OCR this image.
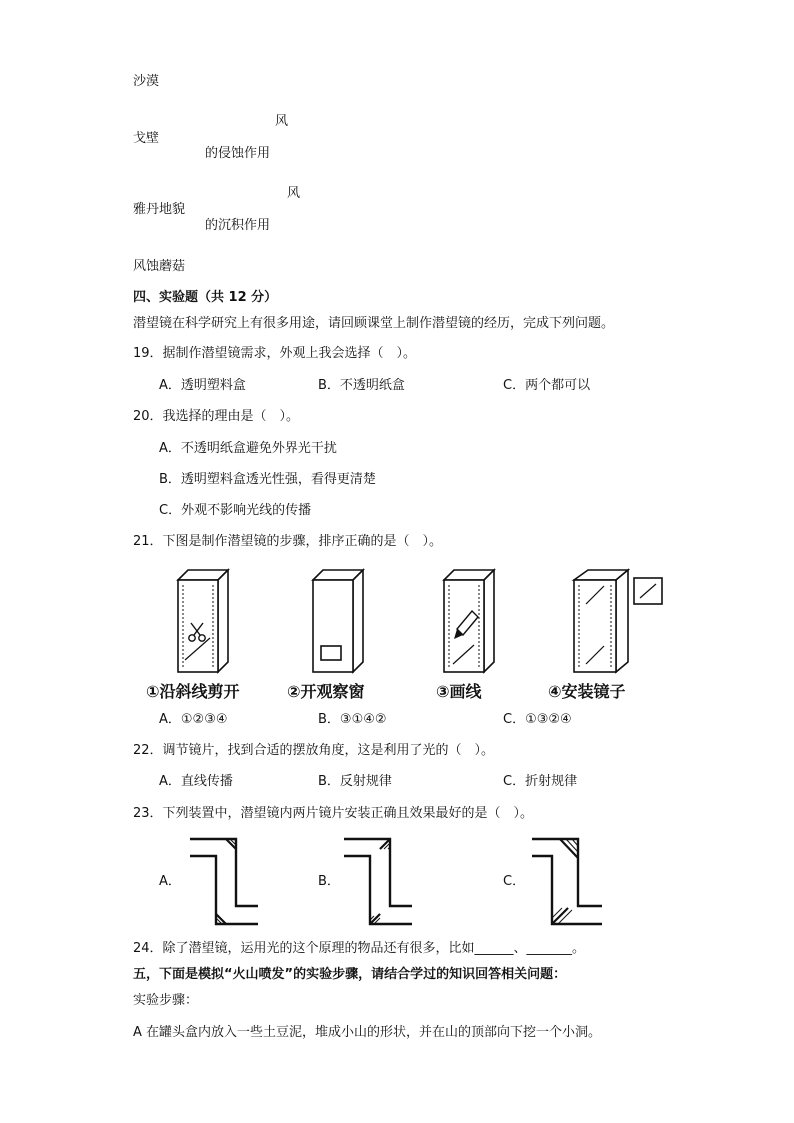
沙漠
戈壁
雅丹地貌
风蚀蘑菇
风
的侵蚀作用
风
的沉积作用
四、实验题（共 12 分）
潜望镜在科学研究上有很多用途，请回顾课堂上制作潜望镜的经历，完成下列问题。
19．据制作潜望镜需求，外观上我会选择（　）。
A．透明塑料盒	B．不透明纸盒	C．两个都可以
20．我选择的理由是（　）。
A．不透明纸盒避免外界光干扰
B．透明塑料盒透光性强，看得更清楚
C．外观不影响光线的传播
21．下图是制作潜望镜的步骤，排序正确的是（　）。
①沿斜线剪开	②开观察窗	③画线	④安装镜子
A．①②③④	B．③①④②	C．①③②④
22．调节镜片，找到合适的摆放角度，这是利用了光的（　）。
A．直线传播	B．反射规律	C．折射规律
23．下列装置中，潜望镜内两片镜片安装正确且效果最好的是（　）。
A．	B．	C．
24．除了潜望镜，运用光的这个原理的物品还有很多，比如______、_______。
五，下面是模拟“火山喷发”的实验步骤，请结合学过的知识回答相关问题：
实验步骤：
A 在罐头盒内放入一些土豆泥，堆成小山的形状，并在山的顶部向下挖一个小洞。
